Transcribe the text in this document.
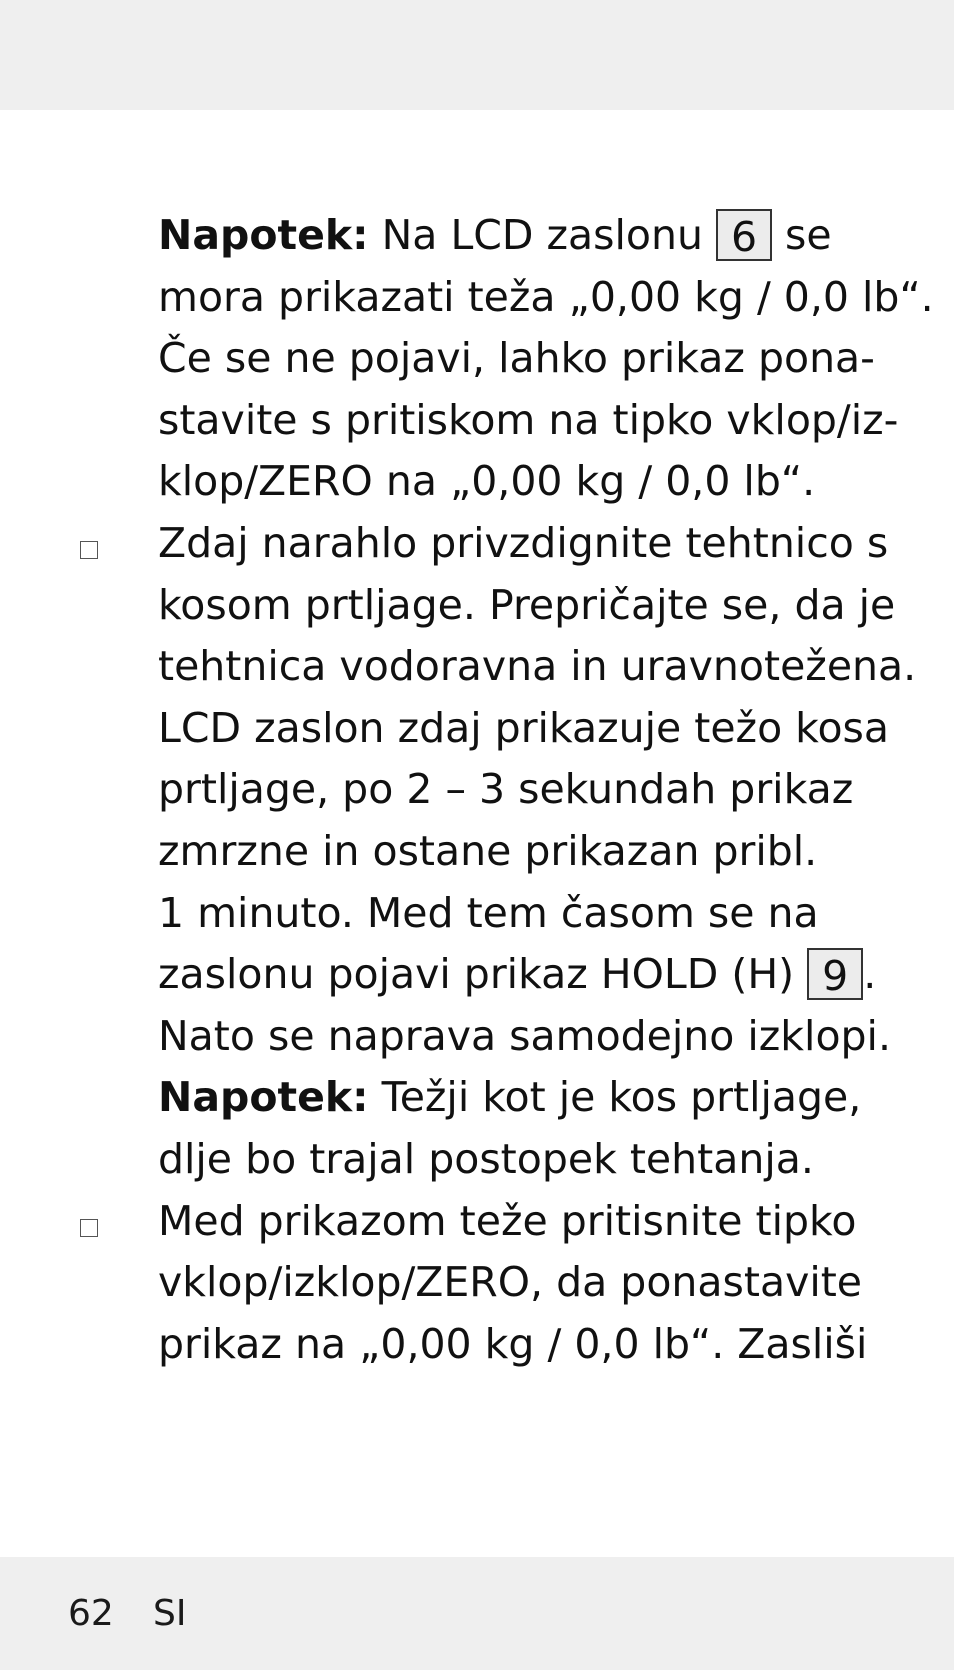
Napotek: Na LCD zaslonu 6 se
mora prikazati teža „0,00 kg / 0,0 lb“.
Če se ne pojavi, lahko prikaz pona-
stavite s pritiskom na tipko vklop/iz-
klop/ZERO na „0,00 kg / 0,0 lb“.
Zdaj narahlo privzdignite tehtnico s
kosom prtljage. Prepričajte se, da je
tehtnica vodoravna in uravnotežena.
LCD zaslon zdaj prikazuje težo kosa
prtljage, po 2 – 3 sekundah prikaz
zmrzne in ostane prikazan pribl.
1 minuto. Med tem časom se na
zaslonu pojavi prikaz HOLD (H) 9 .
Nato se naprava samodejno izklopi.
Napotek: Težji kot je kos prtljage,
dlje bo trajal postopek tehtanja.
Med prikazom teže pritisnite tipko
vklop/izklop/ZERO, da ponastavite
prikaz na „0,00 kg / 0,0 lb“. Zasliši
62 SI
